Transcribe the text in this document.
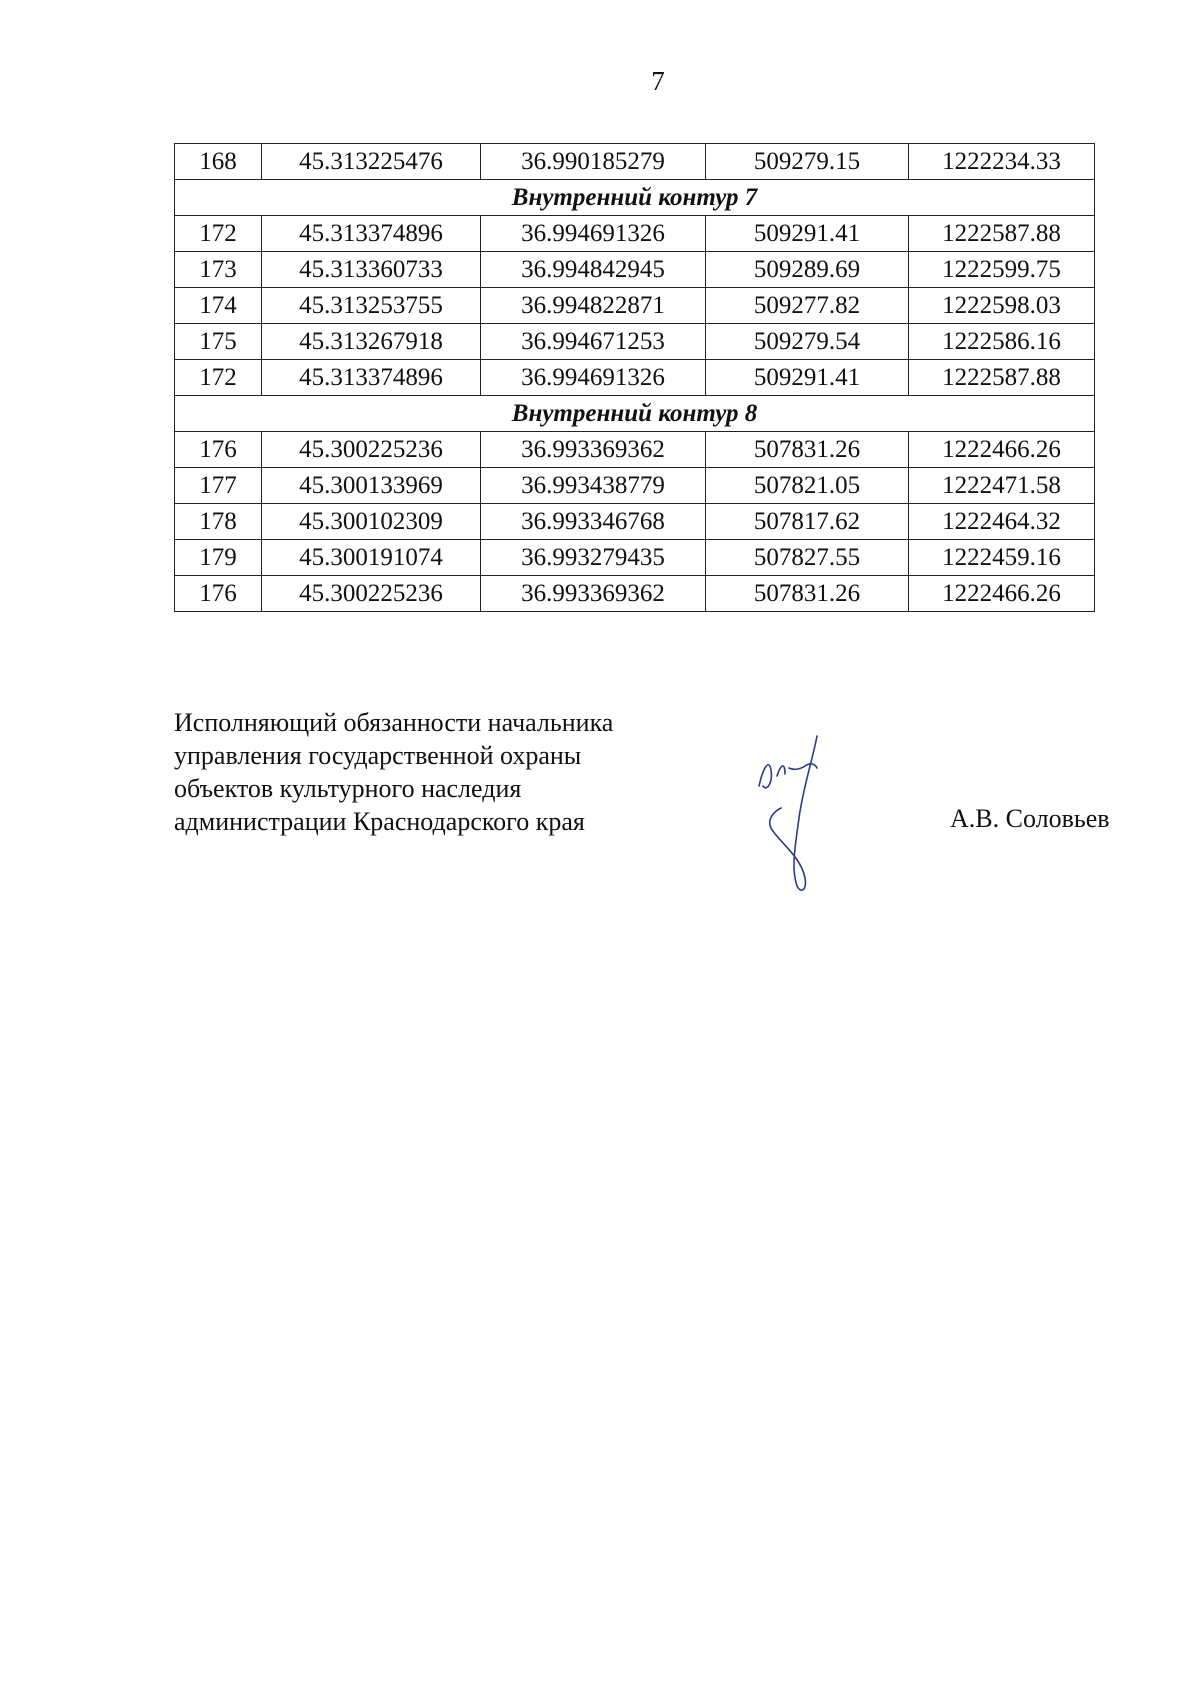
7
168	45.313225476	36.990185279	509279.15	1222234.33
Внутренний контур 7				
172	45.313374896	36.994691326	509291.41	1222587.88
173	45.313360733	36.994842945	509289.69	1222599.75
174	45.313253755	36.994822871	509277.82	1222598.03
175	45.313267918	36.994671253	509279.54	1222586.16
172	45.313374896	36.994691326	509291.41	1222587.88
Внутренний контур 8				
176	45.300225236	36.993369362	507831.26	1222466.26
177	45.300133969	36.993438779	507821.05	1222471.58
178	45.300102309	36.993346768	507817.62	1222464.32
179	45.300191074	36.993279435	507827.55	1222459.16
176	45.300225236	36.993369362	507831.26	1222466.26
Исполняющий обязанности начальника
управления государственной охраны
объектов культурного наследия
администрации Краснодарского края	А.В. Соловьев
